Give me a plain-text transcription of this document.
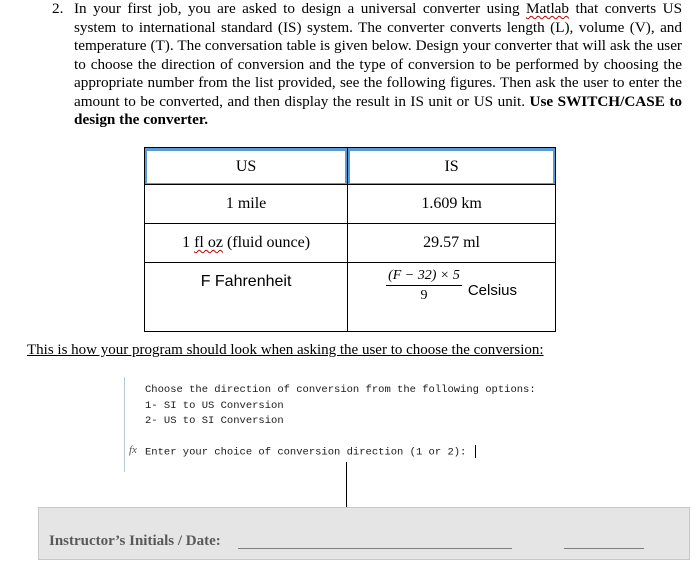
2. In your first job, you are asked to design a universal converter using Matlab that converts US system to international standard (IS) system. The converter converts length (L), volume (V), and temperature (T). The conversation table is given below. Design your converter that will ask the user to choose the direction of conversion and the type of conversion to be performed by choosing the appropriate number from the list provided, see the following figures. Then ask the user to enter the amount to be converted, and then display the result in IS unit or US unit. Use SWITCH/CASE to design the converter.
US	IS

1 mile	1.609 km
1 fl oz (fluid ounce)	29.57 ml
F Fahrenheit	$\frac{(F - 32) \times 5}{9}$ Celsius
This is how your program should look when asking the user to choose the conversion:
Choose the direction of conversion from the following options:
1- SI to US Conversion
2- US to SI Conversion
fx Enter your choice of conversion direction (1 or 2):
Instructor’s Initials / Date:
